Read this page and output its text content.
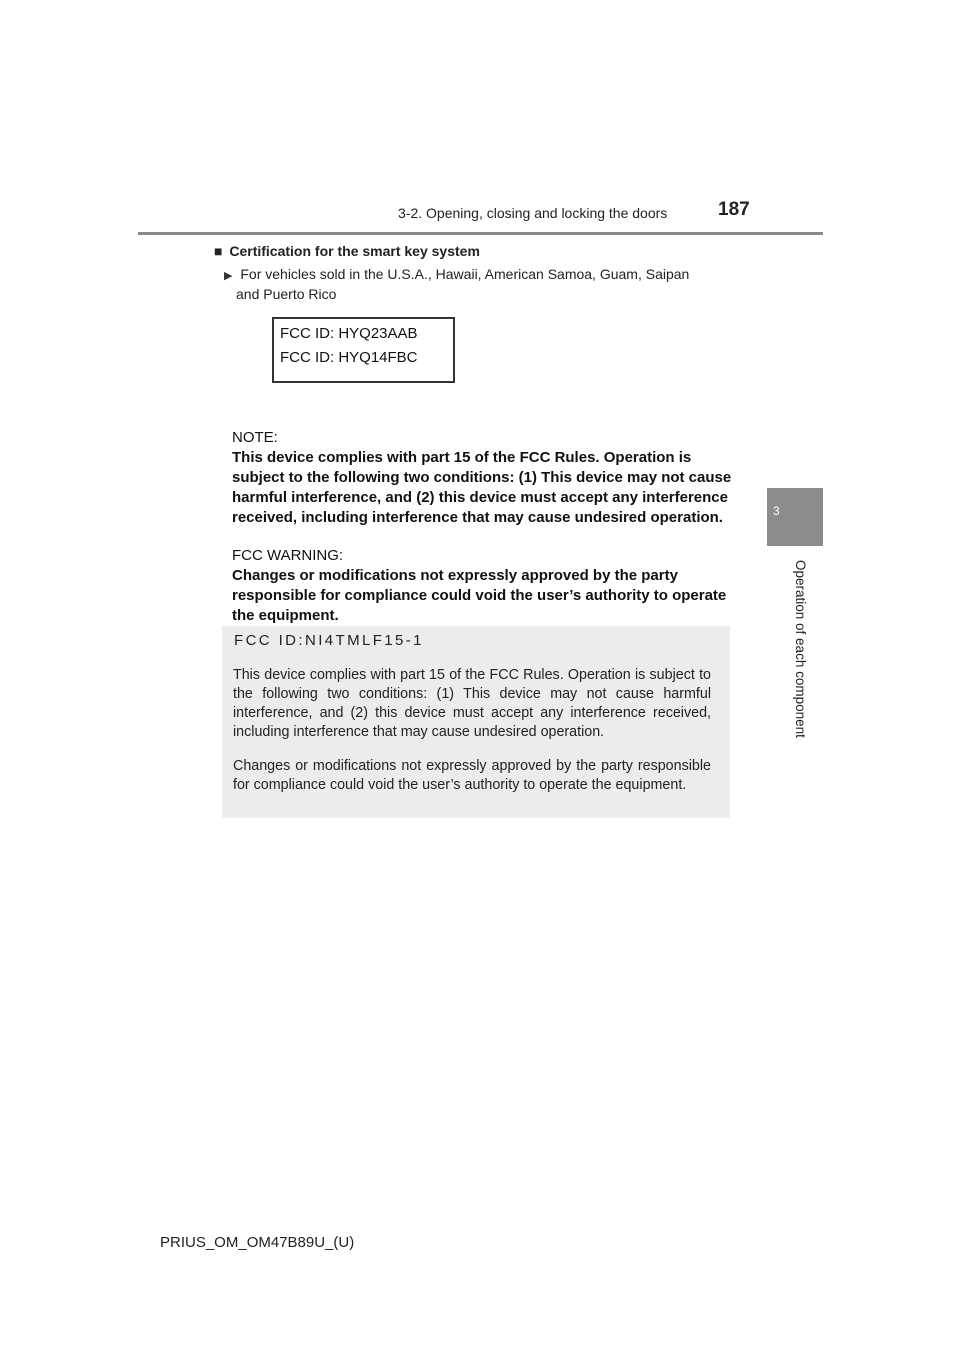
3-2. Opening, closing and locking the doors	187
3
Operation of each component
■ Certification for the smart key system
▶ For vehicles sold in the U.S.A., Hawaii, American Samoa, Guam, Saipan
and Puerto Rico
FCC ID: HYQ23AAB
FCC ID: HYQ14FBC
NOTE:
This device complies with part 15 of the FCC Rules. Operation is subject to the following two conditions: (1) This device may not cause harmful interference, and (2) this device must accept any interference received, including interference that may cause undesired operation.
FCC WARNING:
Changes or modifications not expressly approved by the party responsible for compliance could void the user’s authority to operate the equipment.
FCC ID:NI4TMLF15-1

This device complies with part 15 of the FCC Rules. Operation is subject to the following two conditions: (1) This device may not cause harmful interference, and (2) this device must accept any interference received, including interference that may cause undesired operation.

Changes or modifications not expressly approved by the party responsible for compliance could void the user’s authority to operate the equipment.

PRIUS_OM_OM47B89U_(U)
